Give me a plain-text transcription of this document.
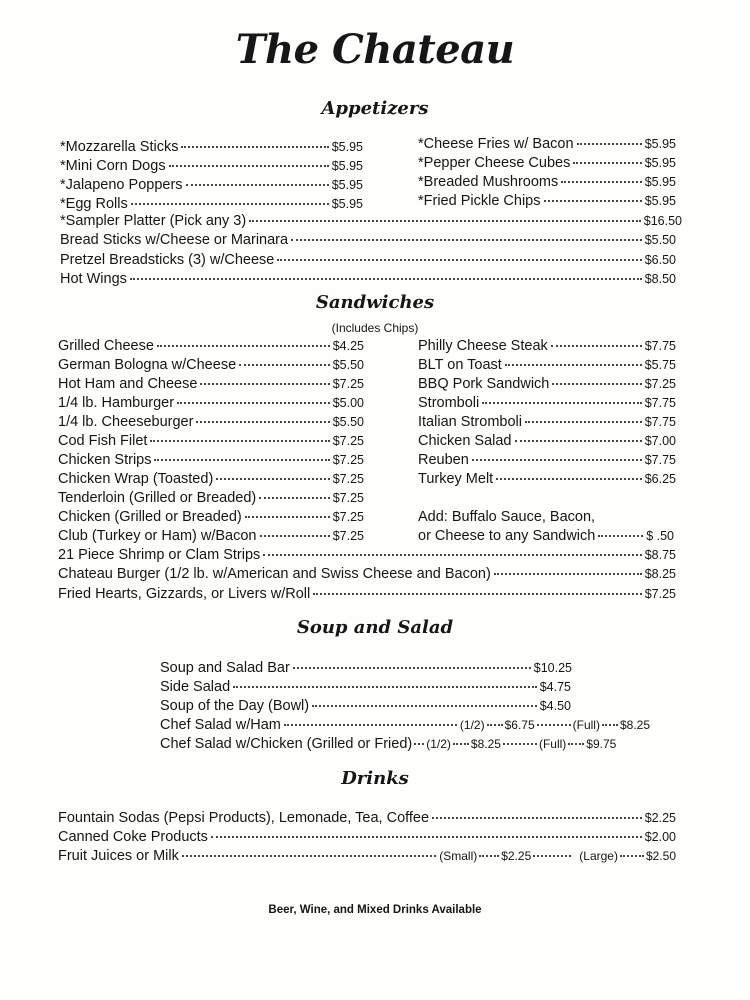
The Chateau
Appetizers
*Mozzarella Sticks	$5.95
*Mini Corn Dogs	$5.95
*Jalapeno Poppers	$5.95
*Egg Rolls	$5.95
*Cheese Fries w/ Bacon	$5.95
*Pepper Cheese Cubes	$5.95
*Breaded Mushrooms	$5.95
*Fried Pickle Chips	$5.95
*Sampler Platter (Pick any 3)	$16.50
Bread Sticks w/Cheese or Marinara	$5.50
Pretzel Breadsticks (3) w/Cheese	$6.50
Hot Wings	$8.50
Sandwiches
(Includes Chips)
Grilled Cheese	$4.25
German Bologna w/Cheese	$5.50
Hot Ham and Cheese	$7.25
1/4 lb. Hamburger	$5.00
1/4 lb. Cheeseburger	$5.50
Cod Fish Filet	$7.25
Chicken Strips	$7.25
Chicken Wrap (Toasted)	$7.25
Tenderloin (Grilled or Breaded)	$7.25
Chicken (Grilled or Breaded)	$7.25
Club (Turkey or Ham) w/Bacon	$7.25
Philly Cheese Steak	$7.75
BLT on Toast	$5.75
BBQ Pork Sandwich	$7.25
Stromboli	$7.75
Italian Stromboli	$7.75
Chicken Salad	$7.00
Reuben	$7.75
Turkey Melt	$6.25
Add: Buffalo Sauce, Bacon,
or Cheese to any Sandwich	$ .50
21 Piece Shrimp or Clam Strips	$8.75
Chateau Burger (1/2 lb. w/American and Swiss Cheese and Bacon)	$8.25
Fried Hearts, Gizzards, or Livers w/Roll	$7.25
Soup and Salad
Soup and Salad Bar	$10.25
Side Salad	$4.75
Soup of the Day (Bowl)	$4.50
Chef Salad w/Ham	(1/2) $6.75	(Full) $8.25
Chef Salad w/Chicken (Grilled or Fried) (1/2) $8.25	(Full) $9.75
Drinks
Fountain Sodas (Pepsi Products), Lemonade, Tea, Coffee	$2.25
Canned Coke Products	$2.00
Fruit Juices or Milk	(Small) $2.25	(Large) $2.50
Beer, Wine, and Mixed Drinks Available
